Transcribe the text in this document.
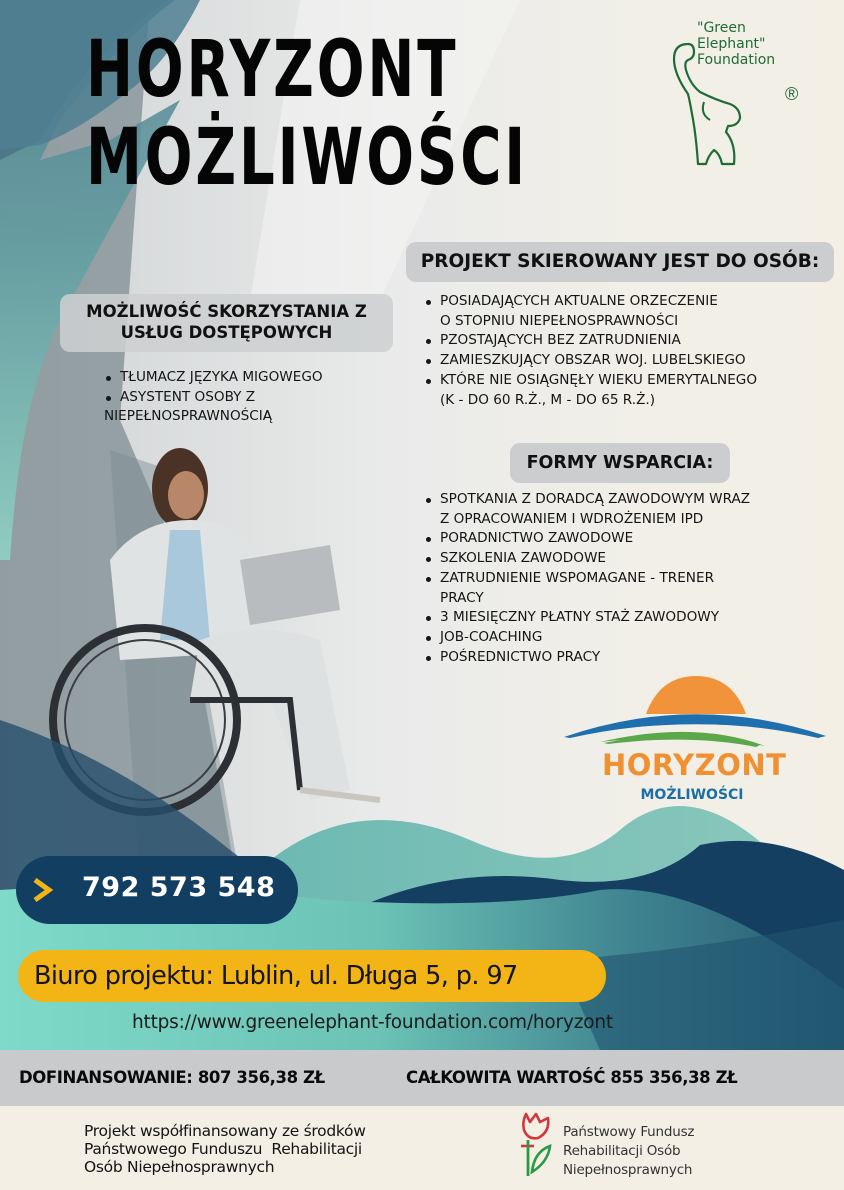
HORYZONT
MOŻLIWOŚCI
"Green
Elephant"
Foundation
®
PROJEKT SKIEROWANY JEST DO OSÓB:
POSIADAJĄCYCH AKTUALNE ORZECZENIE
O STOPNIU NIEPEŁNOSPRAWNOŚCI
PZOSTAJĄCYCH BEZ ZATRUDNIENIA
ZAMIESZKUJĄCY OBSZAR WOJ. LUBELSKIEGO
KTÓRE NIE OSIĄGNĘŁY WIEKU EMERYTALNEGO
(K - DO 60 R.Ż., M - DO 65 R.Ż.)
MOŻLIWOŚĆ SKORZYSTANIA Z
USŁUG DOSTĘPOWYCH
TŁUMACZ JĘZYKA MIGOWEGO
ASYSTENT OSOBY Z
NIEPEŁNOSPRAWNOŚCIĄ
FORMY WSPARCIA:
SPOTKANIA Z DORADCĄ ZAWODOWYM WRAZ
Z OPRACOWANIEM I WDROŻENIEM IPD
PORADNICTWO ZAWODOWE
SZKOLENIA ZAWODOWE
ZATRUDNIENIE WSPOMAGANE - TRENER
PRACY
3 MIESIĘCZNY PŁATNY STAŻ ZAWODOWY
JOB-COACHING
POŚREDNICTWO PRACY
HORYZONT
MOŻLIWOŚCI
792 573 548
Biuro projektu: Lublin, ul. Długa 5, p. 97
https://www.greenelephant-foundation.com/horyzont
DOFINANSOWANIE: 807 356,38 ZŁ	CAŁKOWITA WARTOŚĆ 855 356,38 ZŁ
Projekt współfinansowany ze środków
Państwowego Funduszu  Rehabilitacji
Osób Niepełnosprawnych
Państwowy Fundusz
Rehabilitacji Osób
Niepełnosprawnych
